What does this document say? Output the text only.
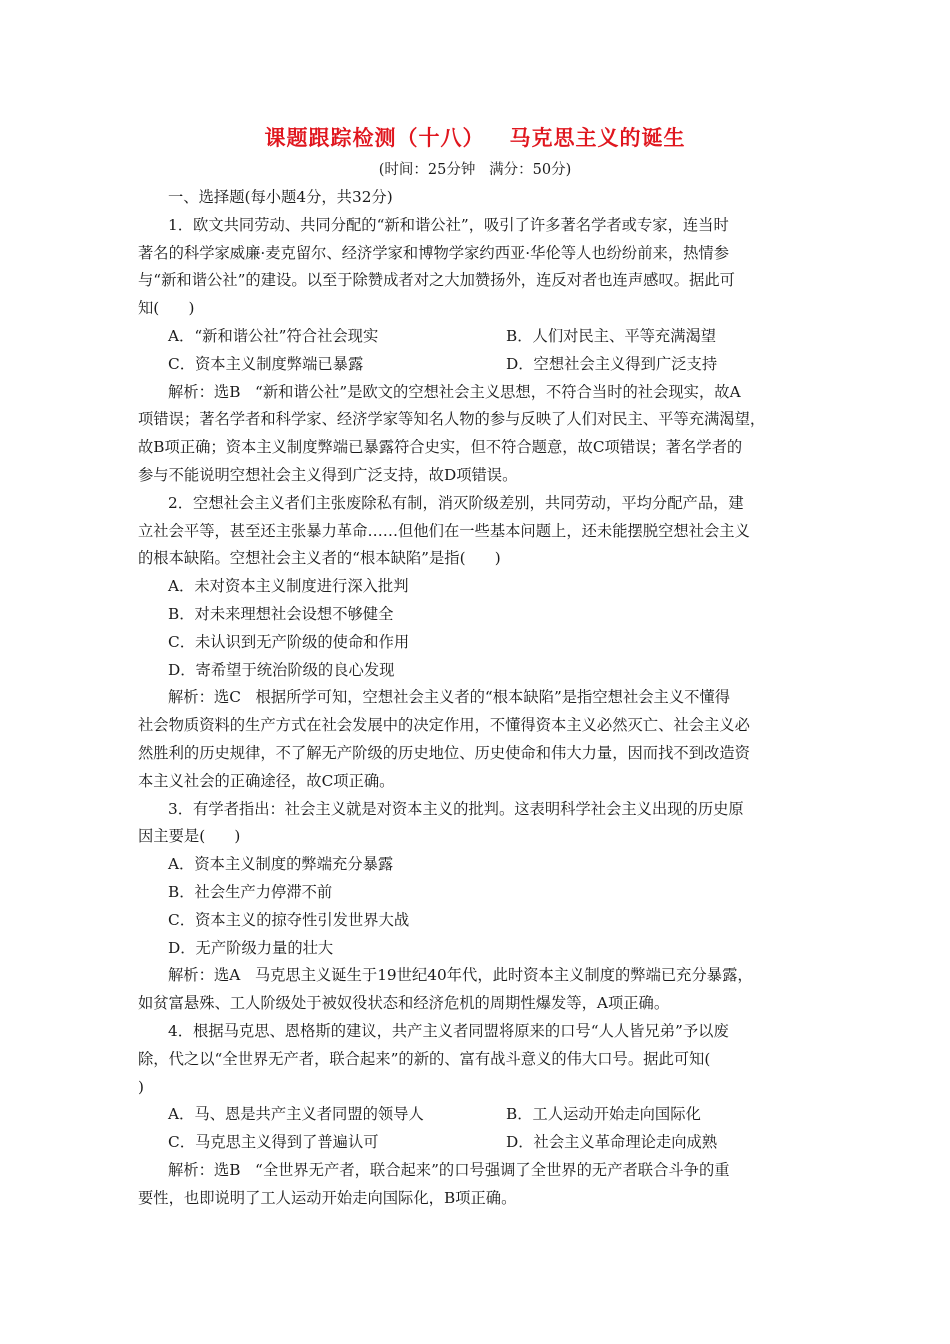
课题跟踪检测（十八）   马克思主义的诞生
(时间：25分钟   满分：50分)
一、选择题(每小题4分，共32分)
1．欧文共同劳动、共同分配的“新和谐公社”，吸引了许多著名学者或专家，连当时
著名的科学家威廉·麦克留尔、经济学家和博物学家约西亚·华伦等人也纷纷前来，热情参
与“新和谐公社”的建设。以至于除赞成者对之大加赞扬外，连反对者也连声感叹。据此可
知(      )
A．“新和谐公社”符合社会现实	B．人们对民主、平等充满渴望
C．资本主义制度弊端已暴露	D．空想社会主义得到广泛支持
解析：选B   “新和谐公社”是欧文的空想社会主义思想，不符合当时的社会现实，故A
项错误；著名学者和科学家、经济学家等知名人物的参与反映了人们对民主、平等充满渴望，
故B项正确；资本主义制度弊端已暴露符合史实，但不符合题意，故C项错误；著名学者的
参与不能说明空想社会主义得到广泛支持，故D项错误。
2．空想社会主义者们主张废除私有制，消灭阶级差别，共同劳动，平均分配产品，建
立社会平等，甚至还主张暴力革命……但他们在一些基本问题上，还未能摆脱空想社会主义
的根本缺陷。空想社会主义者的“根本缺陷”是指(      )
A．未对资本主义制度进行深入批判
B．对未来理想社会设想不够健全
C．未认识到无产阶级的使命和作用
D．寄希望于统治阶级的良心发现
解析：选C   根据所学可知，空想社会主义者的“根本缺陷”是指空想社会主义不懂得
社会物质资料的生产方式在社会发展中的决定作用，不懂得资本主义必然灭亡、社会主义必
然胜利的历史规律，不了解无产阶级的历史地位、历史使命和伟大力量，因而找不到改造资
本主义社会的正确途径，故C项正确。
3．有学者指出：社会主义就是对资本主义的批判。这表明科学社会主义出现的历史原
因主要是(      )
A．资本主义制度的弊端充分暴露
B．社会生产力停滞不前
C．资本主义的掠夺性引发世界大战
D．无产阶级力量的壮大
解析：选A   马克思主义诞生于19世纪40年代，此时资本主义制度的弊端已充分暴露，
如贫富悬殊、工人阶级处于被奴役状态和经济危机的周期性爆发等，A项正确。
4．根据马克思、恩格斯的建议，共产主义者同盟将原来的口号“人人皆兄弟”予以废
除，代之以“全世界无产者，联合起来”的新的、富有战斗意义的伟大口号。据此可知(
)
A．马、恩是共产主义者同盟的领导人	B．工人运动开始走向国际化
C．马克思主义得到了普遍认可	D．社会主义革命理论走向成熟
解析：选B   “全世界无产者，联合起来”的口号强调了全世界的无产者联合斗争的重
要性，也即说明了工人运动开始走向国际化，B项正确。
